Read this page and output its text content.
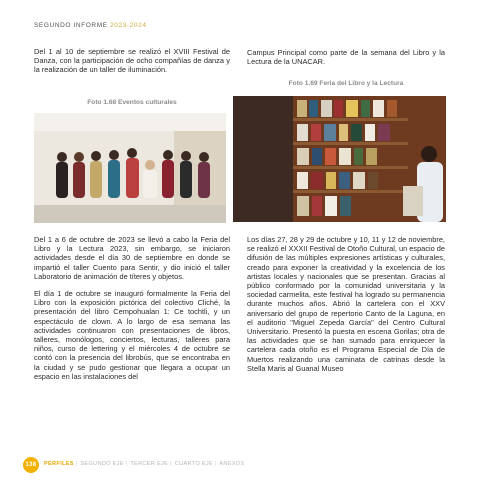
SEGUNDO INFORME 2023-2024

Del 1 al 10 de septiembre se realizó el XVIII Festival de Danza, con la participación de ocho compañías de danza y la realización de un taller de iluminación.

Foto 1.68 Eventos culturales

Campus Principal como parte de la semana del Libro y la Lectura de la UNACAR.

Foto 1.69 Feria del Libro y la Lectura

Del 1 a 6 de octubre de 2023 se llevó a cabo la Feria del Libro y la Lectura 2023, sin embargo, se iniciaron actividades desde el día 30 de septiembre en donde se impartió el taller Cuento para Sentir, y dio inició el taller Laboratorio de animación de títeres y objetos.

El día 1 de octubre se inauguró formalmente la Feria del Libro con la exposición pictórica del colectivo Cliché, la presentación del libro Cempohualan 1: Ce tochtli, y un espectáculo de clown. A lo largo de esa semana las actividades continuaron con presentaciones de libros, talleres, monólogos, conciertos, lecturas, talleres para niños, curso de lettering y el miércoles 4 de octubre se contó con la presencia del librobús, que se encontraba en la ciudad y se pudo gestionar que llegara a ocupar un espacio en las instalaciones del

Los días 27, 28 y 29 de octubre y 10, 11 y 12 de noviembre, se realizó el XXXII Festival de Otoño Cultural, un espacio de difusión de las múltiples expresiones artísticas y culturales, creado para exponer la creatividad y la excelencia de los artistas locales y nacionales que se presentan. Gracias al público conformado por la comunidad universitaria y la sociedad carmelita, este festival ha logrado su permanencia durante muchos años. Abrió la cartelera con el XXV aniversario del grupo de repertorio Canto de la Laguna, en el auditorio "Miguel Zepeda García" del Centro Cultural Universitario. Presentó la puesta en escena Gorilas; otra de las actividades que se han sumado para enriquecer la cartelera cada otoño es el Programa Especial de Día de Muertos realizando una caminata de catrinas desde la Stella Maris al Guanal Museo

138	PERFILES | SEGUNDO EJE | TERCER EJE | CUARTO EJE | ANEXOS
